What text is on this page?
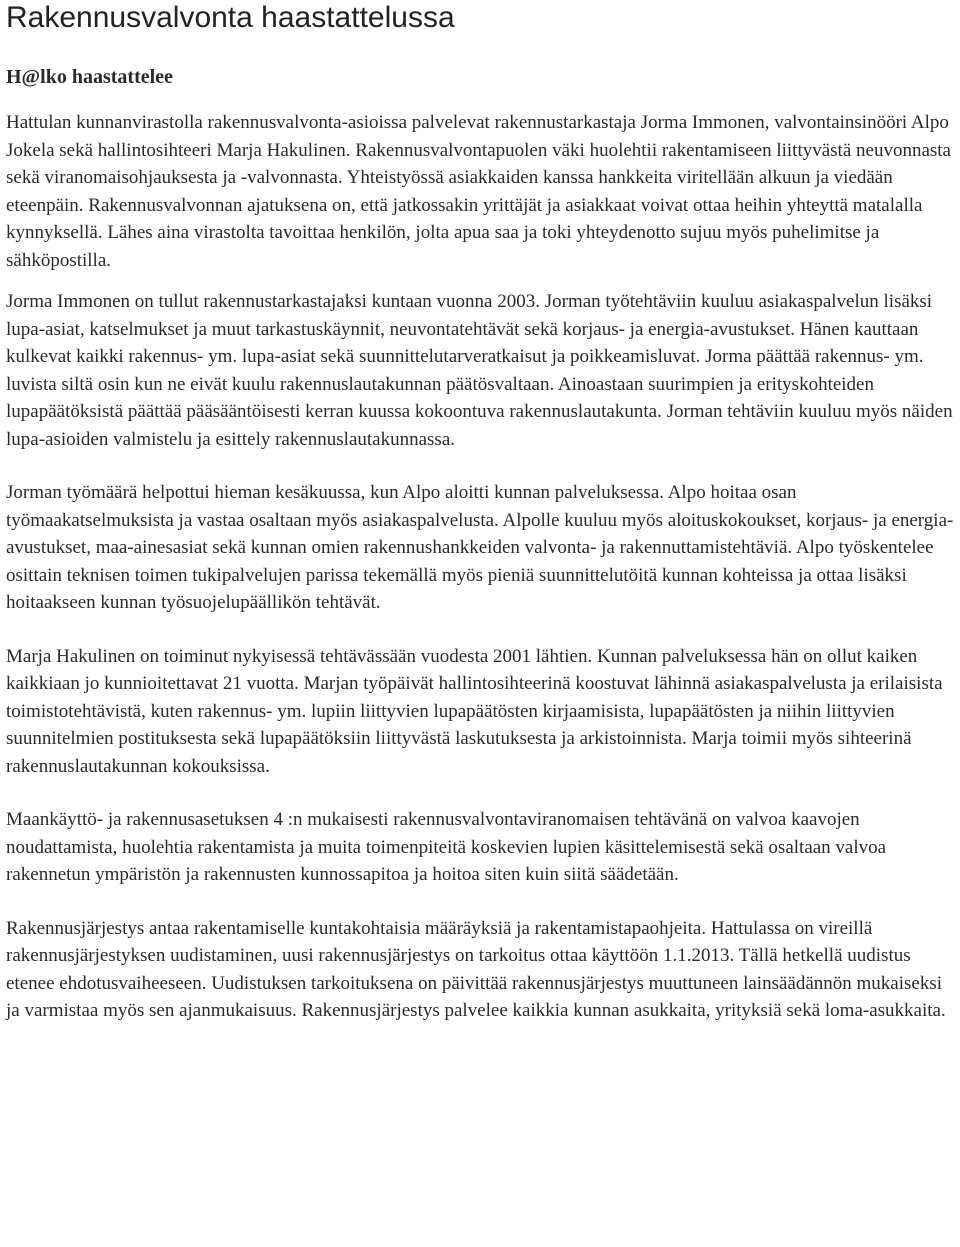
Rakennusvalvonta haastattelussa
H@lko haastattelee

Hattulan kunnanvirastolla rakennusvalvonta-asioissa palvelevat rakennustarkastaja Jorma Immonen, valvontainsinööri Alpo Jokela sekä hallintosihteeri Marja Hakulinen. Rakennusvalvontapuolen väki huolehtii rakentamiseen liittyvästä neuvonnasta sekä viranomaisohjauksesta ja -valvonnasta. Yhteistyössä asiakkaiden kanssa hankkeita viritellään alkuun ja viedään eteenpäin. Rakennusvalvonnan ajatuksena on, että jatkossakin yrittäjät ja asiakkaat voivat ottaa heihin yhteyttä matalalla kynnyksellä. Lähes aina virastolta tavoittaa henkilön, jolta apua saa ja toki yhteydenotto sujuu myös puhelimitse ja sähköpostilla.

Jorma Immonen on tullut rakennustarkastajaksi kuntaan vuonna 2003. Jorman työtehtäviin kuuluu asiakaspalvelun lisäksi lupa-asiat, katselmukset ja muut tarkastuskäynnit, neuvontatehtävät sekä korjaus- ja energia-avustukset. Hänen kauttaan kulkevat kaikki rakennus- ym. lupa-asiat sekä suunnittelutarveratkaisut ja poikkeamisluvat. Jorma päättää rakennus- ym. luvista siltä osin kun ne eivät kuulu rakennuslautakunnan päätösvaltaan. Ainoastaan suurimpien ja erityskohteiden lupapäätöksistä päättää pääsääntöisesti kerran kuussa kokoontuva rakennuslautakunta. Jorman tehtäviin kuuluu myös näiden lupa-asioiden valmistelu ja esittely rakennuslautakunnassa.

Jorman työmäärä helpottui hieman kesäkuussa, kun Alpo aloitti kunnan palveluksessa. Alpo hoitaa osan työmaakatselmuksista ja vastaa osaltaan myös asiakaspalvelusta. Alpolle kuuluu myös aloituskokoukset, korjaus- ja energia-avustukset, maa-ainesasiat sekä kunnan omien rakennushankkeiden valvonta- ja rakennuttamistehtäviä. Alpo työskentelee osittain teknisen toimen tukipalvelujen parissa tekemällä myös pieniä suunnittelutöitä kunnan kohteissa ja ottaa lisäksi hoitaakseen kunnan työsuojelupäällikön tehtävät.

Marja Hakulinen on toiminut nykyisessä tehtävässään vuodesta 2001 lähtien. Kunnan palveluksessa hän on ollut kaiken kaikkiaan jo kunnioitettavat 21 vuotta. Marjan työpäivät hallintosihteerinä koostuvat lähinnä asiakaspalvelusta ja erilaisista toimistotehtävistä, kuten rakennus- ym. lupiin liittyvien lupapäätösten kirjaamisista, lupapäätösten ja niihin liittyvien suunnitelmien postituksesta sekä lupapäätöksiin liittyvästä laskutuksesta ja arkistoinnista. Marja toimii myös sihteerinä rakennuslautakunnan kokouksissa.

Maankäyttö- ja rakennusasetuksen 4 :n mukaisesti rakennusvalvontaviranomaisen tehtävänä on valvoa kaavojen noudattamista, huolehtia rakentamista ja muita toimenpiteitä koskevien lupien käsittelemisestä sekä osaltaan valvoa rakennetun ympäristön ja rakennusten kunnossapitoa ja hoitoa siten kuin siitä säädetään.

Rakennusjärjestys antaa rakentamiselle kuntakohtaisia määräyksiä ja rakentamistapaohjeita. Hattulassa on vireillä rakennusjärjestyksen uudistaminen, uusi rakennusjärjestys on tarkoitus ottaa käyttöön 1.1.2013. Tällä hetkellä uudistus etenee ehdotusvaiheeseen. Uudistuksen tarkoituksena on päivittää rakennusjärjestys muuttuneen lainsäädännön mukaiseksi ja varmistaa myös sen ajanmukaisuus. Rakennusjärjestys palvelee kaikkia kunnan asukkaita, yrityksiä sekä loma-asukkaita.
